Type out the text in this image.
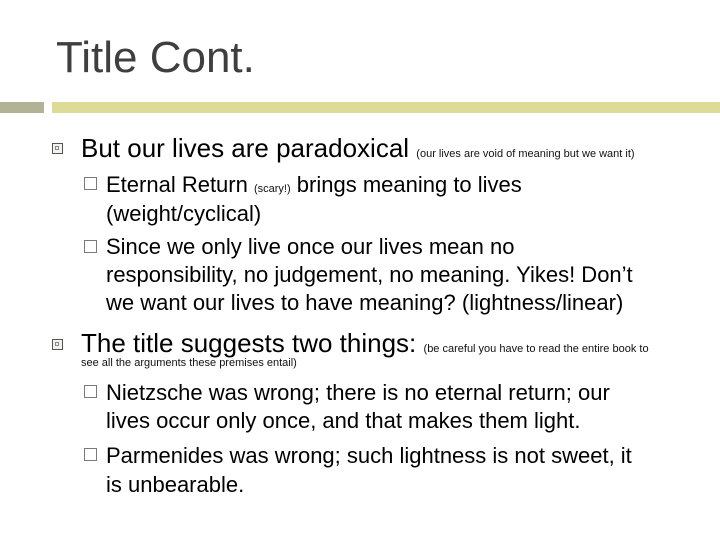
Title Cont.
But our lives are paradoxical (our lives are void of meaning but we want it)
Eternal Return (scary!) brings meaning to lives
(weight/cyclical)
Since we only live once our lives mean no
responsibility, no judgement, no meaning. Yikes! Don’t
we want our lives to have meaning? (lightness/linear)
The title suggests two things: (be careful you have to read the entire book to
see all the arguments these premises entail)
Nietzsche was wrong; there is no eternal return; our
lives occur only once, and that makes them light.
Parmenides was wrong; such lightness is not sweet, it
is unbearable.
